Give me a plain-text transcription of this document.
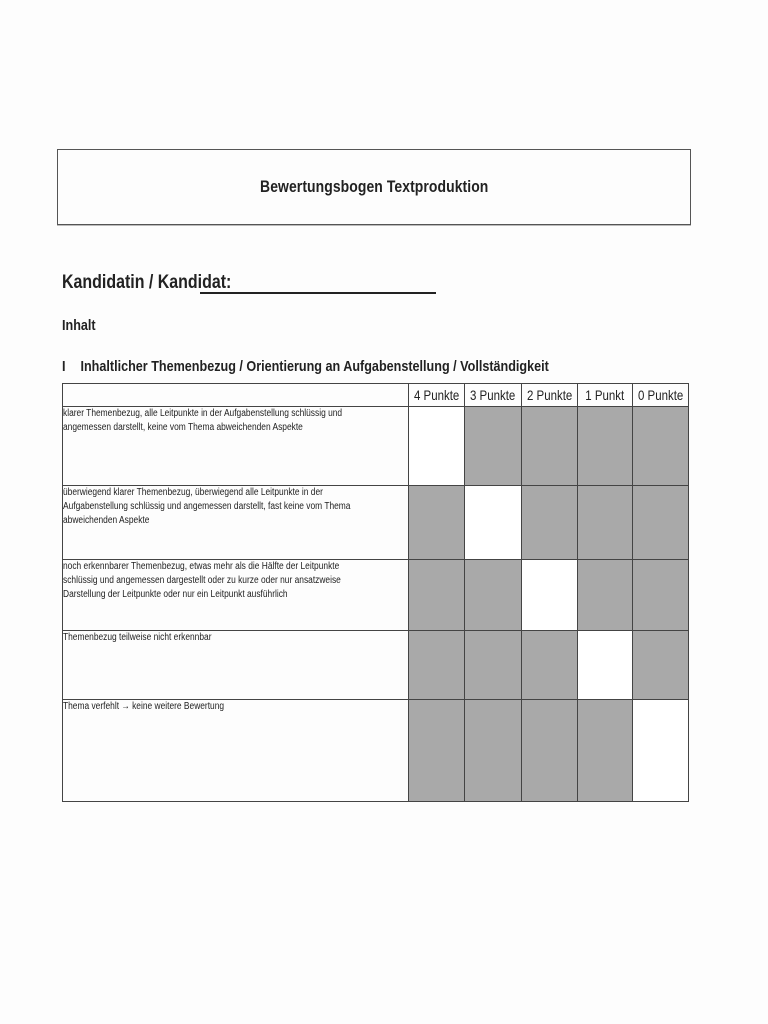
Bewertungsbogen Textproduktion
Kandidatin / Kandidat:
Inhalt
I Inhaltlicher Themenbezug / Orientierung an Aufgabenstellung / Vollständigkeit
	4 Punkte	3 Punkte	2 Punkte	1 Punkt	0 Punkte
klarer Themenbezug, alle Leitpunkte in der Aufgabenstellung schlüssig und angemessen darstellt, keine vom Thema abweichenden Aspekte					
überwiegend klarer Themenbezug, überwiegend alle Leitpunkte in der Aufgabenstellung schlüssig und angemessen darstellt, fast keine vom Thema abweichenden Aspekte					
noch erkennbarer Themenbezug, etwas mehr als die Hälfte der Leitpunkte schlüssig und angemessen dargestellt oder zu kurze oder nur ansatzweise Darstellung der Leitpunkte oder nur ein Leitpunkt ausführlich					
Themenbezug teilweise nicht erkennbar					
Thema verfehlt → keine weitere Bewertung					
